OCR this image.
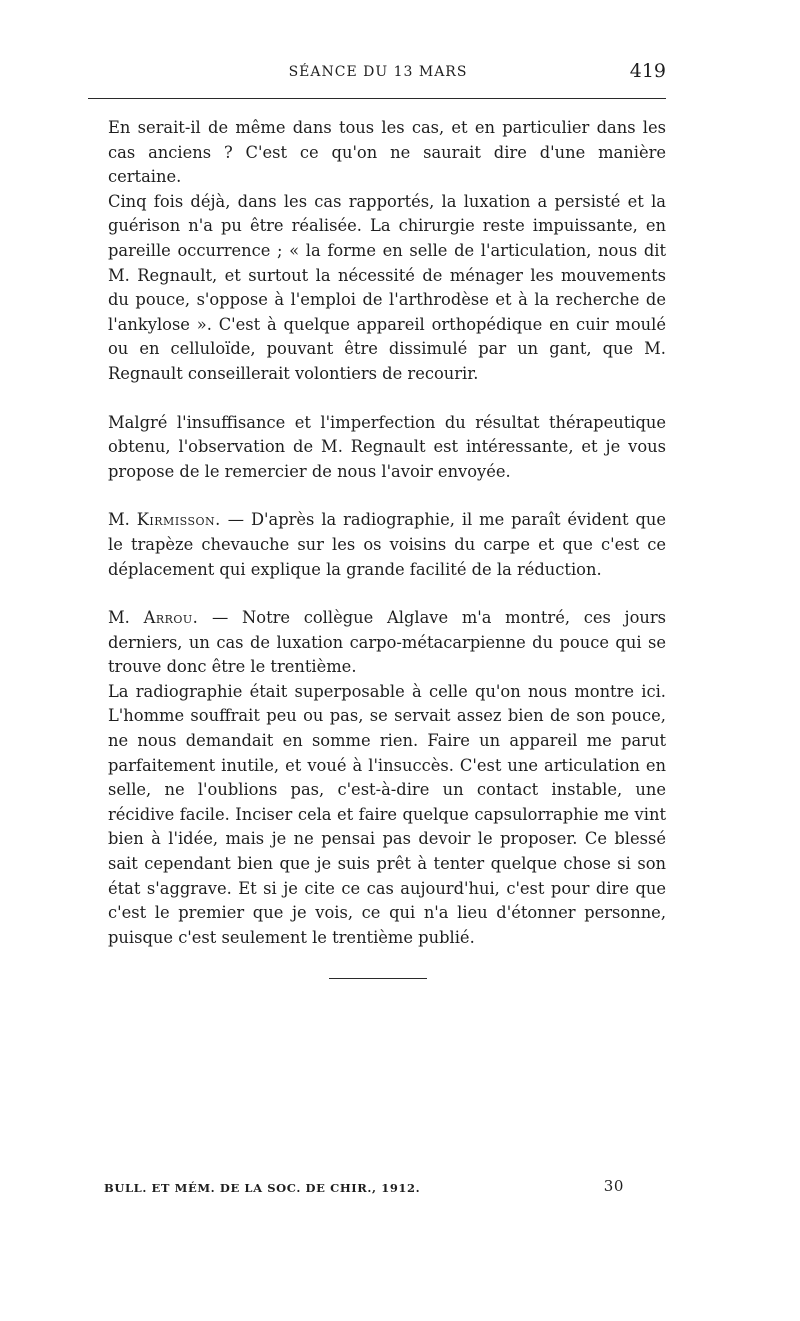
SÉANCE DU 13 MARS	419

En serait-il de même dans tous les cas, et en particulier dans les cas anciens ? C'est ce qu'on ne saurait dire d'une manière certaine.

Cinq fois déjà, dans les cas rapportés, la luxation a persisté et la guérison n'a pu être réalisée. La chirurgie reste impuissante, en pareille occurrence ; « la forme en selle de l'articulation, nous dit M. Regnault, et surtout la nécessité de ménager les mouvements du pouce, s'oppose à l'emploi de l'arthrodèse et à la recherche de l'ankylose ». C'est à quelque appareil orthopédique en cuir moulé ou en celluloïde, pouvant être dissimulé par un gant, que M. Regnault conseillerait volontiers de recourir.

Malgré l'insuffisance et l'imperfection du résultat thérapeutique obtenu, l'observation de M. Regnault est intéressante, et je vous propose de le remercier de nous l'avoir envoyée.

M. Kirmisson. — D'après la radiographie, il me paraît évident que le trapèze chevauche sur les os voisins du carpe et que c'est ce déplacement qui explique la grande facilité de la réduction.

M. Arrou. — Notre collègue Alglave m'a montré, ces jours derniers, un cas de luxation carpo-métacarpienne du pouce qui se trouve donc être le trentième.

La radiographie était superposable à celle qu'on nous montre ici. L'homme souffrait peu ou pas, se servait assez bien de son pouce, ne nous demandait en somme rien. Faire un appareil me parut parfaitement inutile, et voué à l'insuccès. C'est une articulation en selle, ne l'oublions pas, c'est-à-dire un contact instable, une récidive facile. Inciser cela et faire quelque capsulorraphie me vint bien à l'idée, mais je ne pensai pas devoir le proposer. Ce blessé sait cependant bien que je suis prêt à tenter quelque chose si son état s'aggrave. Et si je cite ce cas aujourd'hui, c'est pour dire que c'est le premier que je vois, ce qui n'a lieu d'étonner personne, puisque c'est seulement le trentième publié.

BULL. ET MÉM. DE LA SOC. DE CHIR., 1912.	30
